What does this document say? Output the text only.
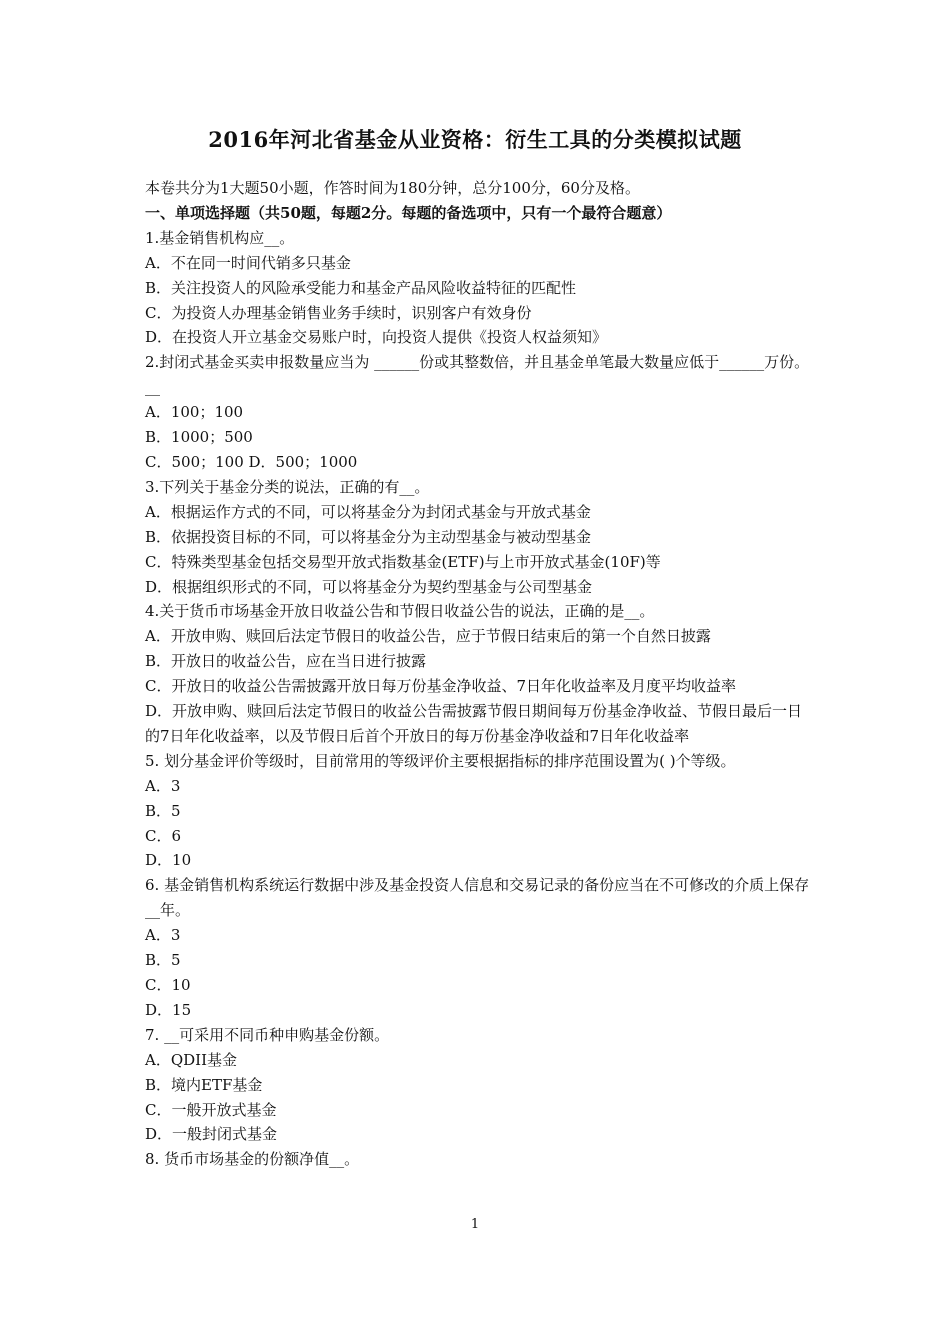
2016年河北省基金从业资格：衍生工具的分类模拟试题

本卷共分为1大题50小题，作答时间为180分钟，总分100分，60分及格。

一、单项选择题（共50题，每题2分。每题的备选项中，只有一个最符合题意）

1.基金销售机构应__。

A．不在同一时间代销多只基金

B．关注投资人的风险承受能力和基金产品风险收益特征的匹配性

C．为投资人办理基金销售业务手续时，识别客户有效身份

D．在投资人开立基金交易账户时，向投资人提供《投资人权益须知》

2.封闭式基金买卖申报数量应当为 ______份或其整数倍，并且基金单笔最大数量应低于______万份。__

A．100；100

B．1000；500

C．500；100 D．500；1000

3.下列关于基金分类的说法，正确的有__。

A．根据运作方式的不同，可以将基金分为封闭式基金与开放式基金

B．依据投资目标的不同，可以将基金分为主动型基金与被动型基金

C．特殊类型基金包括交易型开放式指数基金(ETF)与上市开放式基金(10F)等

D．根据组织形式的不同，可以将基金分为契约型基金与公司型基金

4.关于货币市场基金开放日收益公告和节假日收益公告的说法，正确的是__。

A．开放申购、赎回后法定节假日的收益公告，应于节假日结束后的第一个自然日披露

B．开放日的收益公告，应在当日进行披露

C．开放日的收益公告需披露开放日每万份基金净收益、7日年化收益率及月度平均收益率

D．开放申购、赎回后法定节假日的收益公告需披露节假日期间每万份基金净收益、节假日最后一日的7日年化收益率，以及节假日后首个开放日的每万份基金净收益和7日年化收益率

5. 划分基金评价等级时，目前常用的等级评价主要根据指标的排序范围设置为( )个等级。

A．3

B．5

C．6

D．10

6. 基金销售机构系统运行数据中涉及基金投资人信息和交易记录的备份应当在不可修改的介质上保存__年。

A．3

B．5

C．10

D．15

7. __可采用不同币种申购基金份额。

A．QDII基金

B．境内ETF基金

C．一般开放式基金

D．一般封闭式基金

8. 货币市场基金的份额净值__。

1
